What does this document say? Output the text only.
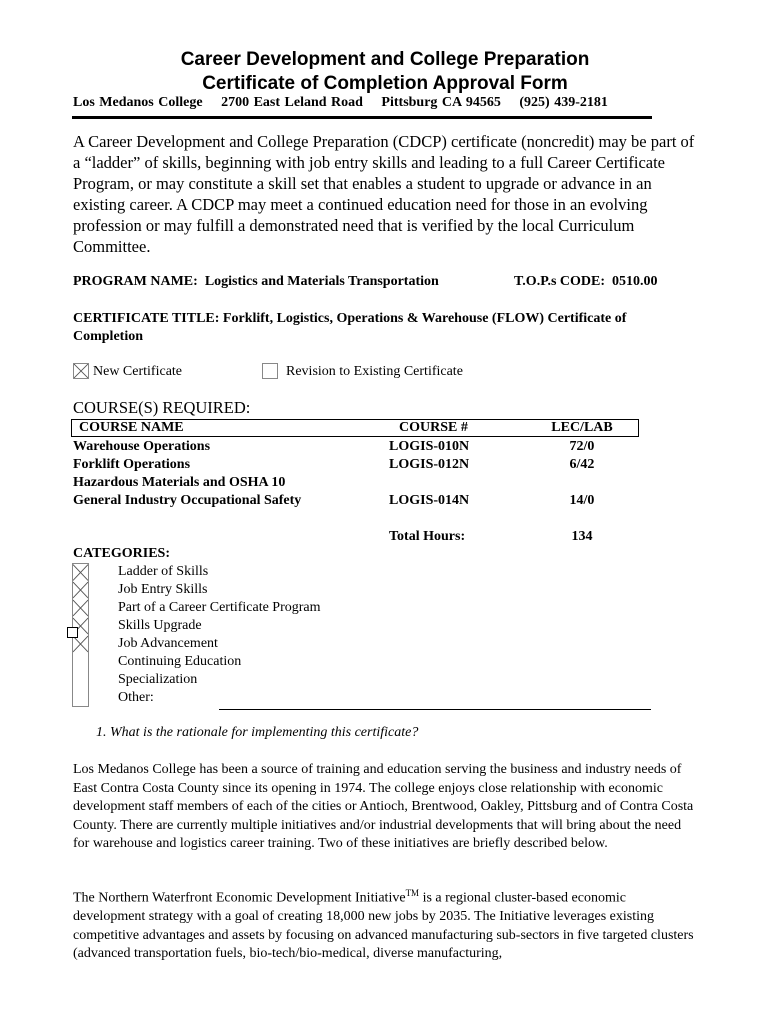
Career Development and College Preparation
Certificate of Completion Approval Form
Los Medanos College 2700 East Leland Road Pittsburg CA 94565 (925) 439-2181
A Career Development and College Preparation (CDCP) certificate (noncredit) may be part of a “ladder” of skills, beginning with job entry skills and leading to a full Career Certificate Program, or may constitute a skill set that enables a student to upgrade or advance in an existing career. A CDCP may meet a continued education need for those in an evolving profession or may fulfill a demonstrated need that is verified by the local Curriculum Committee.
PROGRAM NAME: Logistics and Materials Transportation	T.O.P.s CODE: 0510.00
CERTIFICATE TITLE: Forklift, Logistics, Operations & Warehouse (FLOW) Certificate of Completion
New Certificate	Revision to Existing Certificate
COURSE(S) REQUIRED:
COURSE NAME	COURSE #	LEC/LAB
Warehouse Operations	LOGIS-010N	72/0
Forklift Operations	LOGIS-012N	6/42
Hazardous Materials and OSHA 10
General Industry Occupational Safety	LOGIS-014N	14/0
Total Hours:	134
CATEGORIES:
Ladder of Skills
Job Entry Skills
Part of a Career Certificate Program
Skills Upgrade
Job Advancement
Continuing Education
Specialization
Other:
1. What is the rationale for implementing this certificate?
Los Medanos College has been a source of training and education serving the business and industry needs of East Contra Costa County since its opening in 1974. The college enjoys close relationship with economic development staff members of each of the cities or Antioch, Brentwood, Oakley, Pittsburg and of Contra Costa County. There are currently multiple initiatives and/or industrial developments that will bring about the need for warehouse and logistics career training. Two of these initiatives are briefly described below.
The Northern Waterfront Economic Development Initiative™ is a regional cluster-based economic development strategy with a goal of creating 18,000 new jobs by 2035. The Initiative leverages existing competitive advantages and assets by focusing on advanced manufacturing sub-sectors in five targeted clusters (advanced transportation fuels, bio-tech/bio-medical, diverse manufacturing,
